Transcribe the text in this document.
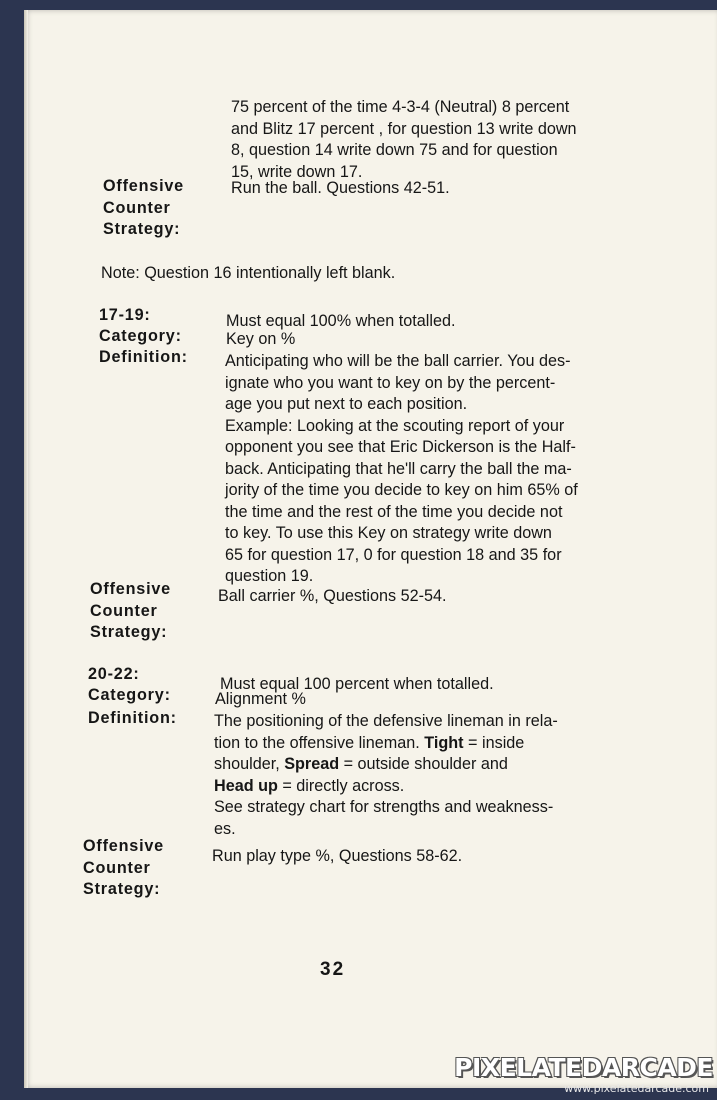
75 percent of the time 4-3-4 (Neutral) 8 percent
and Blitz 17 percent , for question 13 write down
8, question 14 write down 75 and for question
15, write down 17.
Offensive
Counter
Strategy:
Run the ball. Questions 42-51.
Note: Question 16 intentionally left blank.
17-19:	Must equal 100% when totalled.
Category:	Key on %
Definition: Anticipating who will be the ball carrier. You des-
ignate who you want to key on by the percent-
age you put next to each position.
Example: Looking at the scouting report of your
opponent you see that Eric Dickerson is the Half-
back. Anticipating that he'll carry the ball the ma-
jority of the time you decide to key on him 65% of
the time and the rest of the time you decide not
to key. To use this Key on strategy write down
65 for question 17, 0 for question 18 and 35 for
question 19.
Offensive
Counter
Strategy:
Ball carrier %, Questions 52-54.
20-22:
Must equal 100 percent when totalled.
Category:	Alignment %
Definition: The positioning of the defensive lineman in rela-
tion to the offensive lineman. Tight = inside
shoulder, Spread = outside shoulder and
Head up = directly across.
See strategy chart for strengths and weakness-
es.
Offensive
Counter
Strategy:
Run play type %, Questions 58-62.
32
PIXELATEDARCADE
www.pixelatedarcade.com
